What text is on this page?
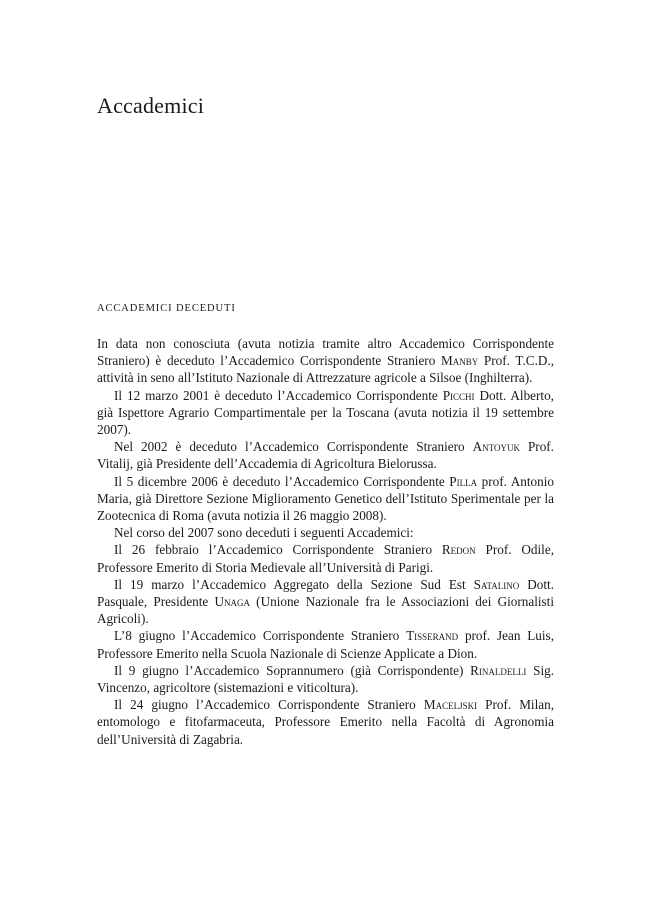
Accademici
ACCADEMICI DECEDUTI

In data non conosciuta (avuta notizia tramite altro Accademico Corrispondente Straniero) è deceduto l’Accademico Corrispondente Straniero Manby Prof. T.C.D., attività in seno all’Istituto Nazionale di Attrezzature agricole a Silsoe (Inghilterra).

Il 12 marzo 2001 è deceduto l’Accademico Corrispondente Picchi Dott. Alberto, già Ispettore Agrario Compartimentale per la Toscana (avuta notizia il 19 settembre 2007).

Nel 2002 è deceduto l’Accademico Corrispondente Straniero Antoyuk Prof. Vitalij, già Presidente dell’Accademia di Agricoltura Bielorussa.

Il 5 dicembre 2006 è deceduto l’Accademico Corrispondente Pilla prof. Antonio Maria, già Direttore Sezione Miglioramento Genetico dell’Istituto Sperimentale per la Zootecnica di Roma (avuta notizia il 26 maggio 2008).

Nel corso del 2007 sono deceduti i seguenti Accademici:

Il 26 febbraio l’Accademico Corrispondente Straniero Redon Prof. Odile, Professore Emerito di Storia Medievale all’Università di Parigi.

Il 19 marzo l’Accademico Aggregato della Sezione Sud Est Satalino Dott. Pasquale, Presidente Unaga (Unione Nazionale fra le Associazioni dei Giornalisti Agricoli).

L’8 giugno l’Accademico Corrispondente Straniero Tisserand prof. Jean Luis, Professore Emerito nella Scuola Nazionale di Scienze Applicate a Dion.

Il 9 giugno l’Accademico Soprannumero (già Corrispondente) Rinaldelli Sig. Vincenzo, agricoltore (sistemazioni e viticoltura).

Il 24 giugno l’Accademico Corrispondente Straniero Maceljski Prof. Milan, entomologo e fitofarmaceuta, Professore Emerito nella Facoltà di Agronomia dell’Università di Zagabria.
